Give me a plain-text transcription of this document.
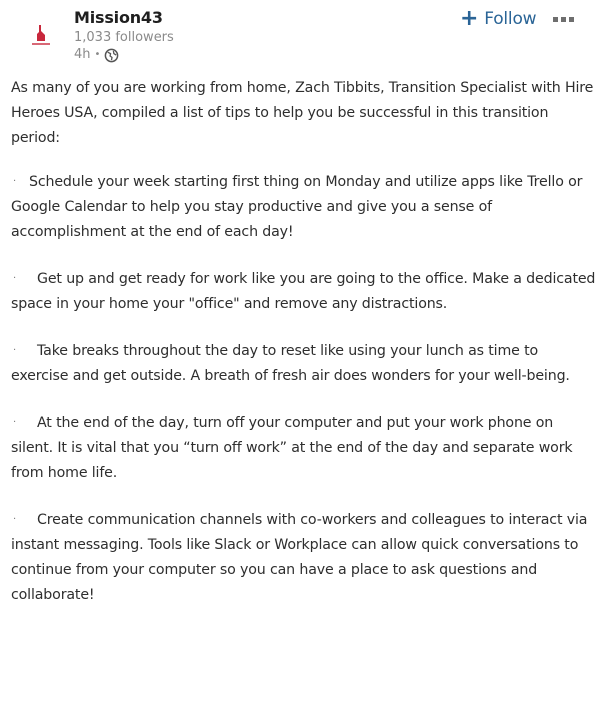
Mission43
1,033 followers
4h •
+ Follow

As many of you are working from home, Zach Tibbits, Transition Specialist with Hire Heroes USA, compiled a list of tips to help you be successful in this transition period:

· Schedule your week starting first thing on Monday and utilize apps like Trello or Google Calendar to help you stay productive and give you a sense of accomplishment at the end of each day!

· Get up and get ready for work like you are going to the office. Make a dedicated space in your home your "office" and remove any distractions.

· Take breaks throughout the day to reset like using your lunch as time to exercise and get outside. A breath of fresh air does wonders for your well-being.

· At the end of the day, turn off your computer and put your work phone on silent. It is vital that you “turn off work” at the end of the day and separate work from home life.

· Create communication channels with co-workers and colleagues to interact via instant messaging. Tools like Slack or Workplace can allow quick conversations to continue from your computer so you can have a place to ask questions and collaborate!
